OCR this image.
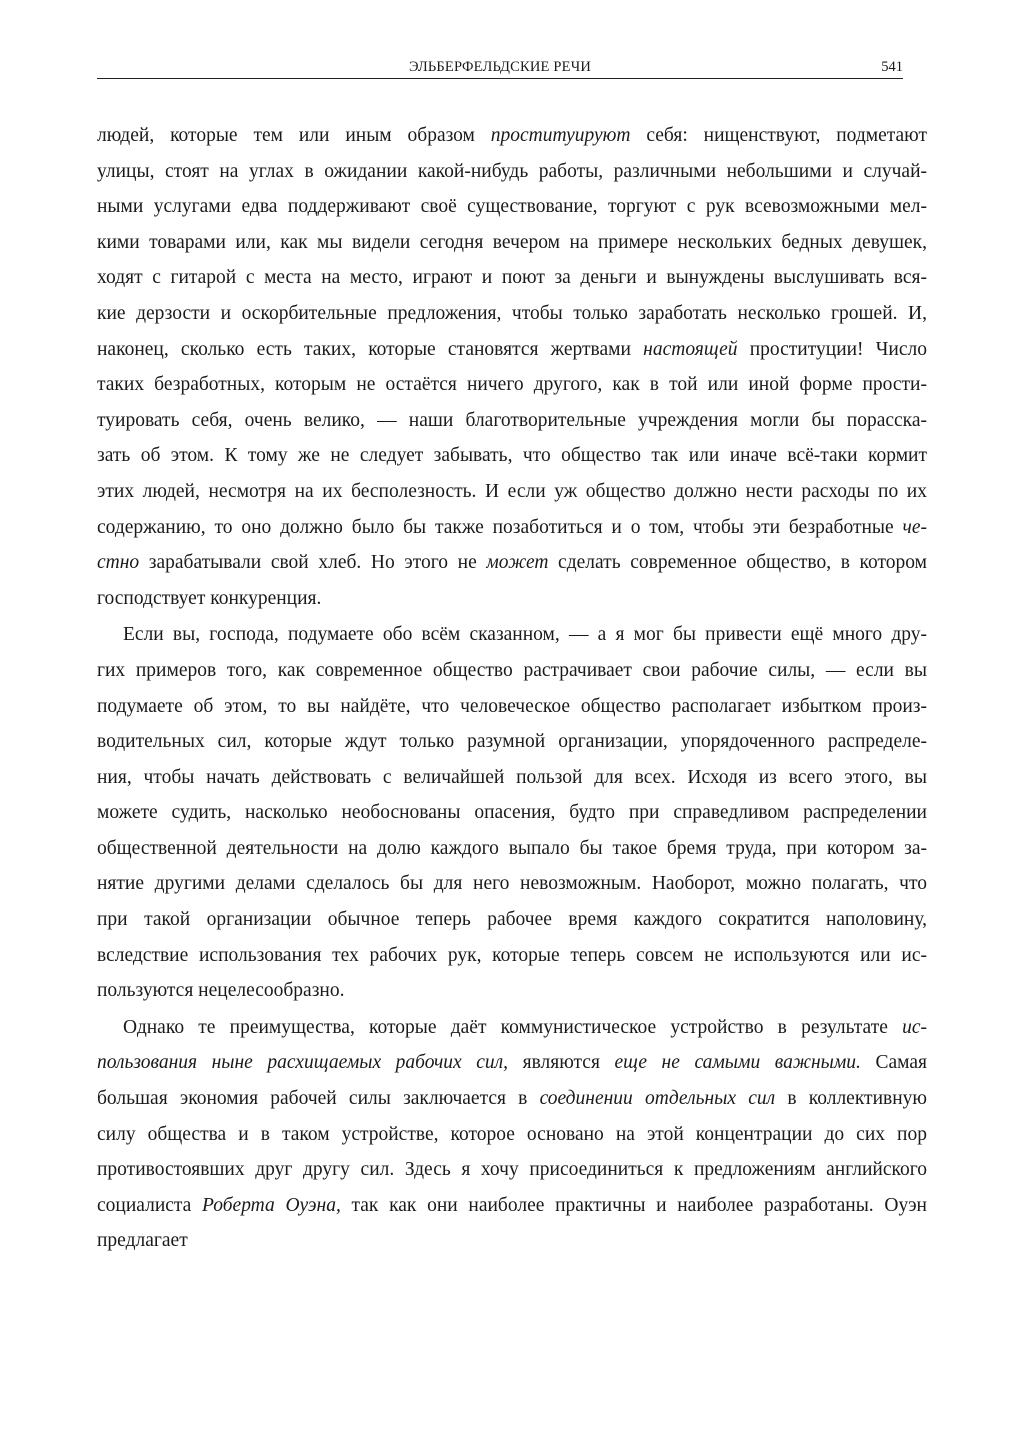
ЭЛЬБЕРФЕЛЬДСКИЕ РЕЧИ	541
людей, которые тем или иным образом проституируют себя: нищенствуют, подметают
улицы, стоят на углах в ожидании какой-нибудь работы, различными небольшими и случай-
ными услугами едва поддерживают своё существование, торгуют с рук всевозможными мел-
кими товарами или, как мы видели сегодня вечером на примере нескольких бедных девушек,
ходят с гитарой с места на место, играют и поют за деньги и вынуждены выслушивать вся-
кие дерзости и оскорбительные предложения, чтобы только заработать несколько грошей. И,
наконец, сколько есть таких, которые становятся жертвами настоящей проституции! Число
таких безработных, которым не остаётся ничего другого, как в той или иной форме прости-
туировать себя, очень велико, — наши благотворительные учреждения могли бы порасска-
зать об этом. К тому же не следует забывать, что общество так или иначе всё-таки кормит
этих людей, несмотря на их бесполезность. И если уж общество должно нести расходы по их
содержанию, то оно должно было бы также позаботиться и о том, чтобы эти безработные че-
стно зарабатывали свой хлеб. Но этого не может сделать современное общество, в котором
господствует конкуренция.
Если вы, господа, подумаете обо всём сказанном, — а я мог бы привести ещё много дру-
гих примеров того, как современное общество растрачивает свои рабочие силы, — если вы
подумаете об этом, то вы найдёте, что человеческое общество располагает избытком произ-
водительных сил, которые ждут только разумной организации, упорядоченного распределе-
ния, чтобы начать действовать с величайшей пользой для всех. Исходя из всего этого, вы
можете судить, насколько необоснованы опасения, будто при справедливом распределении
общественной деятельности на долю каждого выпало бы такое бремя труда, при котором за-
нятие другими делами сделалось бы для него невозможным. Наоборот, можно полагать, что
при такой организации обычное теперь рабочее время каждого сократится наполовину,
вследствие использования тех рабочих рук, которые теперь совсем не используются или ис-
пользуются нецелесообразно.
Однако те преимущества, которые даёт коммунистическое устройство в результате ис-
пользования ныне расхищаемых рабочих сил, являются еще не самыми важными. Самая
большая экономия рабочей силы заключается в соединении отдельных сил в коллективную
силу общества и в таком устройстве, которое основано на этой концентрации до сих пор
противостоявших друг другу сил. Здесь я хочу присоединиться к предложениям английского
социалиста Роберта Оуэна, так как они наиболее практичны и наиболее разработаны. Оуэн
предлагает
